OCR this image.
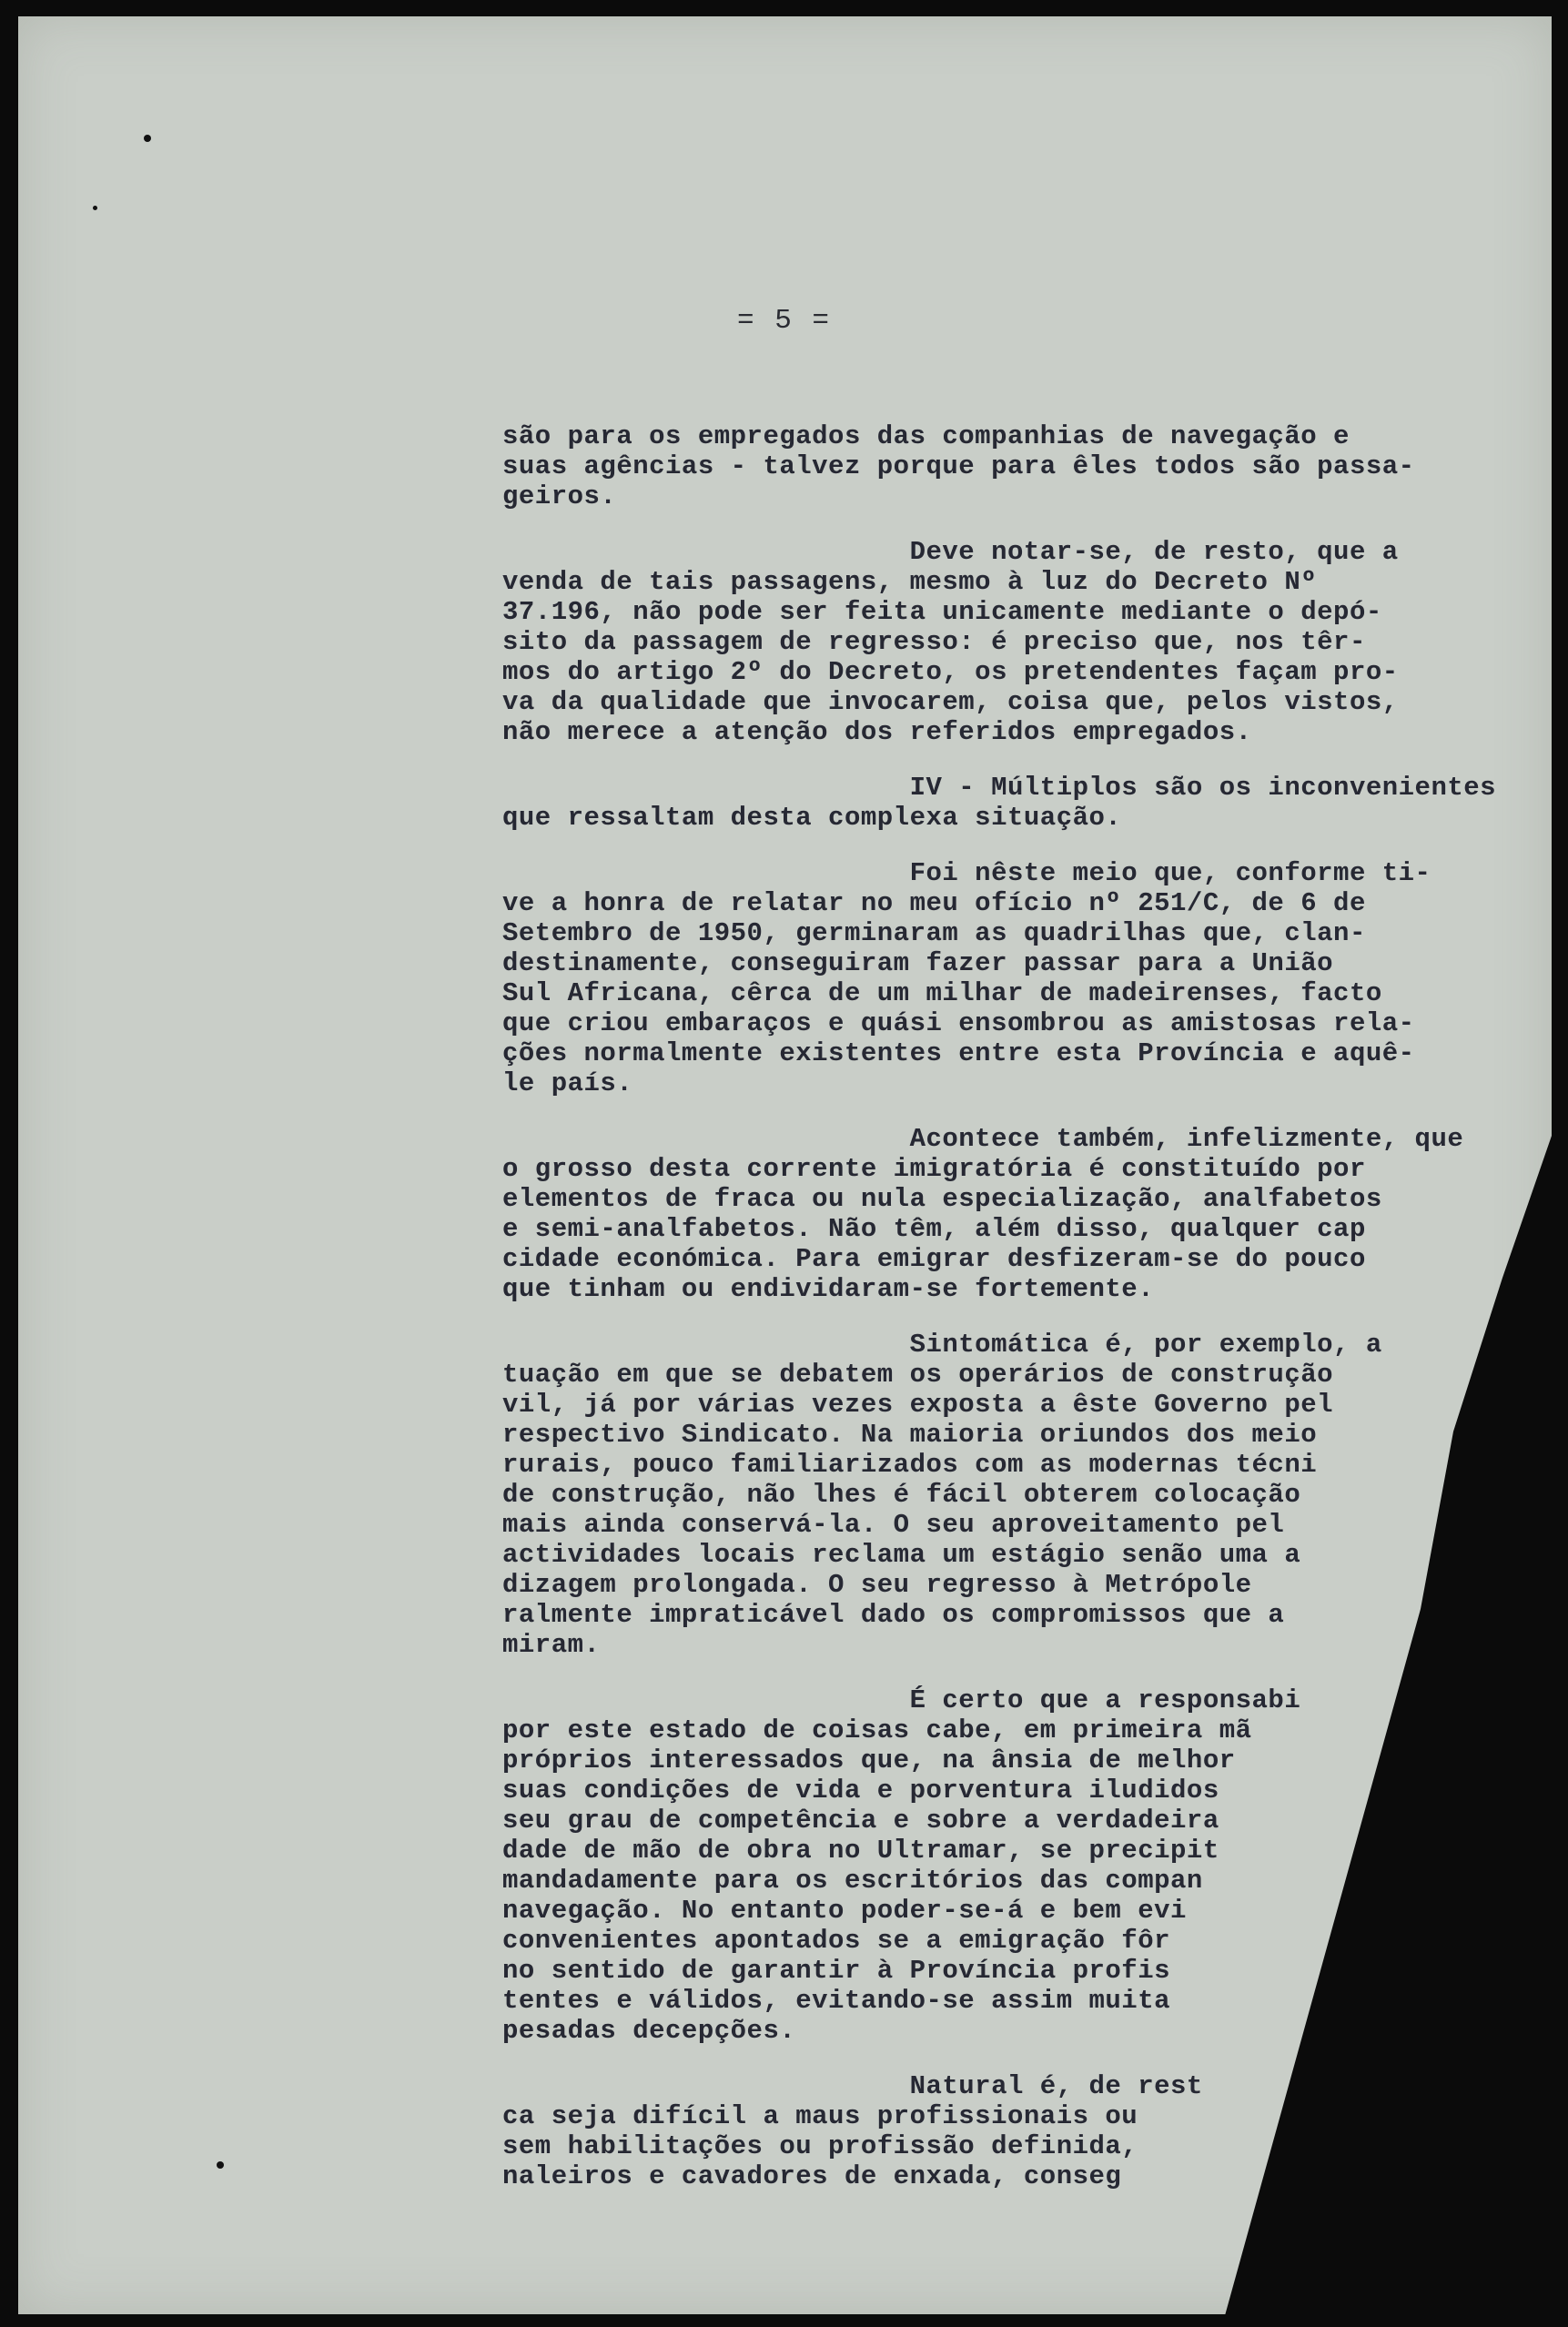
= 5 =
são para os empregados das companhias de navegação e
suas agências - talvez porque para êles todos são passa-
geiros.
Deve notar-se, de resto, que a
venda de tais passagens, mesmo à luz do Decreto Nº
37.196, não pode ser feita unicamente mediante o depó-
sito da passagem de regresso: é preciso que, nos têr-
mos do artigo 2º do Decreto, os pretendentes façam pro-
va da qualidade que invocarem, coisa que, pelos vistos,
não merece a atenção dos referidos empregados.
IV - Múltiplos são os inconvenientes
que ressaltam desta complexa situação.
Foi nêste meio que, conforme ti-
ve a honra de relatar no meu ofício nº 251/C, de 6 de
Setembro de 1950, germinaram as quadrilhas que, clan-
destinamente, conseguiram fazer passar para a União
Sul Africana, cêrca de um milhar de madeirenses, facto
que criou embaraços e quási ensombrou as amistosas rela-
ções normalmente existentes entre esta Província e aquê-
le país.
Acontece também, infelizmente, que
o grosso desta corrente imigratória é constituído por
elementos de fraca ou nula especialização, analfabetos
e semi-analfabetos. Não têm, além disso, qualquer cap
cidade económica. Para emigrar desfizeram-se do pouco
que tinham ou endividaram-se fortemente.
Sintomática é, por exemplo, a
tuação em que se debatem os operários de construção
vil, já por várias vezes exposta a êste Governo pel
respectivo Sindicato. Na maioria oriundos dos meio
rurais, pouco familiarizados com as modernas técni
de construção, não lhes é fácil obterem colocação
mais ainda conservá-la. O seu aproveitamento pel
actividades locais reclama um estágio senão uma a
dizagem prolongada. O seu regresso à Metrópole
ralmente impraticável dado os compromissos que a
miram.
É certo que a responsabi
por este estado de coisas cabe, em primeira mã
próprios interessados que, na ânsia de melhor
suas condições de vida e porventura iludidos
seu grau de competência e sobre a verdadeira
dade de mão de obra no Ultramar, se precipit
mandadamente para os escritórios das compan
navegação. No entanto poder-se-á e bem evi
convenientes apontados se a emigração fôr
no sentido de garantir à Província profis
tentes e válidos, evitando-se assim muita
pesadas decepções.
Natural é, de rest
ca seja difícil a maus profissionais ou
sem habilitações ou profissão definida,
naleiros e cavadores de enxada, conseg
